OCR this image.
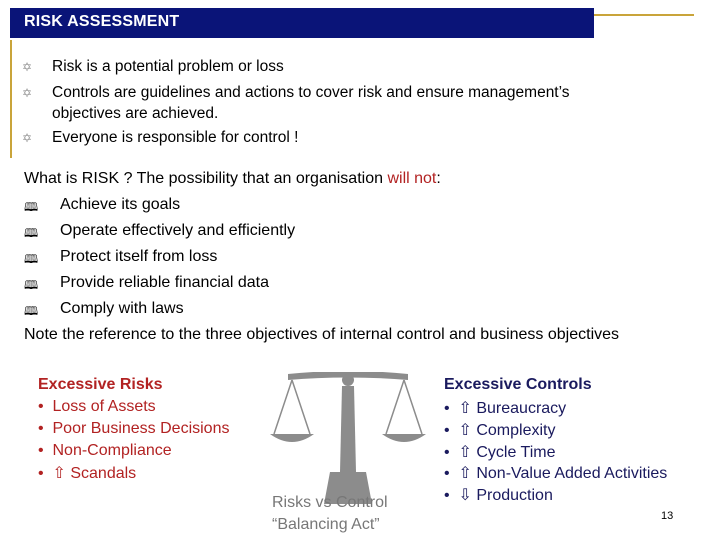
RISK ASSESSMENT
✡ Risk is a potential problem or loss
✡ Controls are guidelines and actions to cover risk and ensure management’s
objectives are achieved.
✡ Everyone is responsible for control !
What is RISK ? The possibility that an organisation will not:
🕮 Achieve its goals
🕮 Operate effectively and efficiently
🕮 Protect itself from loss
🕮 Provide reliable financial data
🕮 Comply with laws
Note the reference to the three objectives of internal control and business objectives
Excessive Risks
•  Loss of Assets
•  Poor Business Decisions
•  Non-Compliance
•  ⇧ Scandals
Risks vs Control
“Balancing Act”
Excessive Controls
•  ⇧ Bureaucracy
•  ⇧ Complexity
•  ⇧ Cycle Time
•  ⇧ Non-Value Added Activities
•  ⇩ Production
13
